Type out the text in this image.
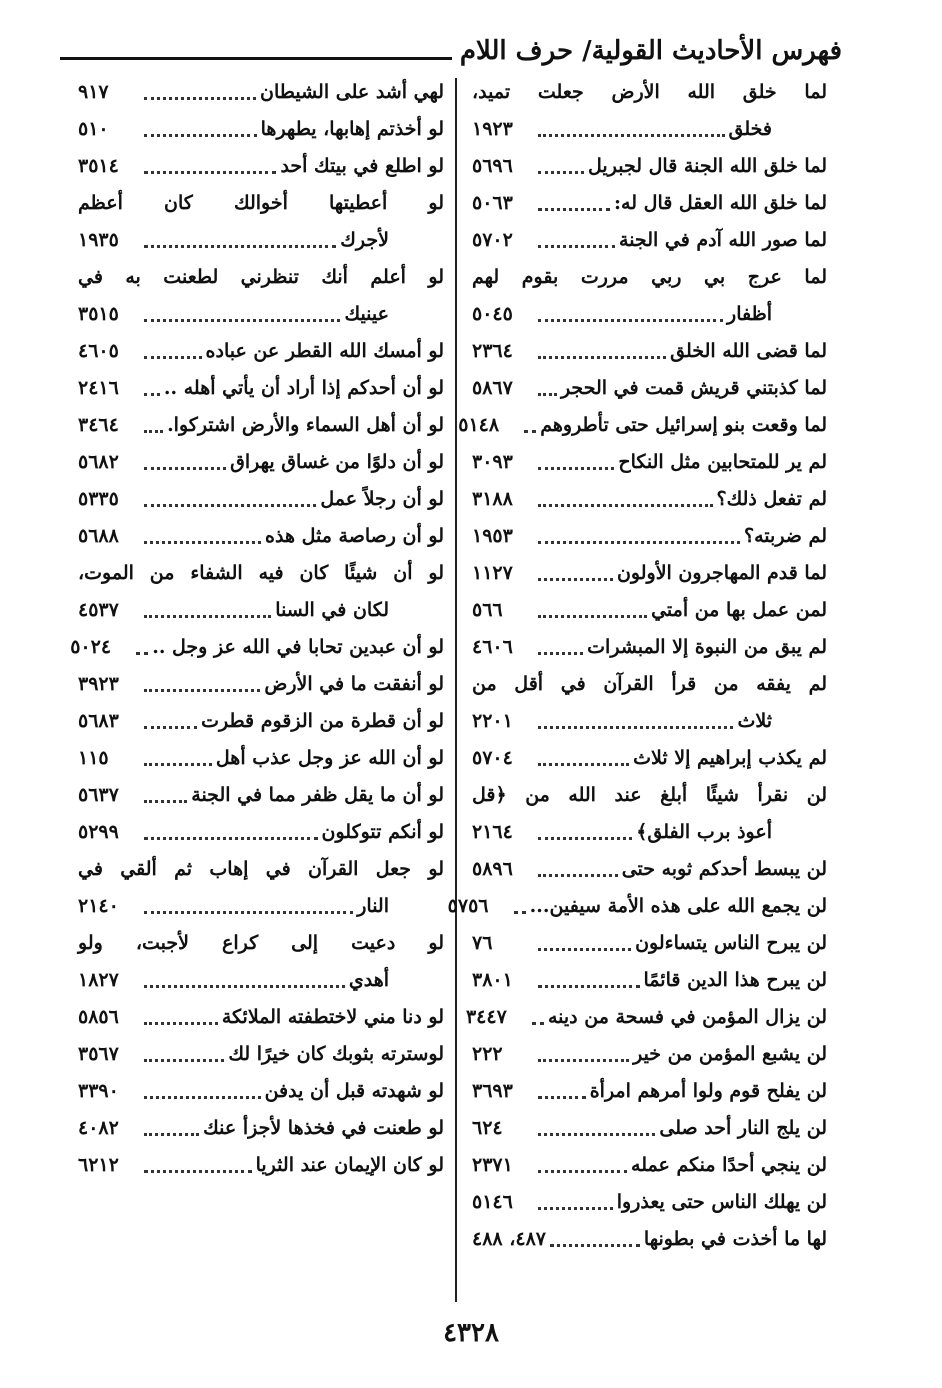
فهرس الأحاديث القولية/ حرف اللام
لما خلق الله الأرض جعلت تميد،
فخلق
١٩٢٣
لما خلق الله الجنة قال لجبريل
٥٦٩٦
لما خلق الله العقل قال له:
٥٠٦٣
لما صور الله آدم في الجنة
٥٧٠٢
لما عرج بي ربي مررت بقوم لهم
أظفار
٥٠٤٥
لما قضى الله الخلق
٢٣٦٤
لما كذبتني قريش قمت في الحجر
٥٨٦٧
لما وقعت بنو إسرائيل حتى تأطروهم
٥١٤٨
لم ير للمتحابين مثل النكاح
٣٠٩٣
لم تفعل ذلك؟
٣١٨٨
لم ضربته؟
١٩٥٣
لما قدم المهاجرون الأولون
١١٢٧
لمن عمل بها من أمتي
٥٦٦
لم يبق من النبوة إلا المبشرات
٤٦٠٦
لم يفقه من قرأ القرآن في أقل من
ثلاث
٢٢٠١
لم يكذب إبراهيم إلا ثلاث
٥٧٠٤
لن نقرأ شيئًا أبلغ عند الله من ﴿قل
أعوذ برب الفلق﴾
٢١٦٤
لن يبسط أحدكم ثوبه حتى
٥٨٩٦
لن يجمع الله على هذه الأمة سيفين...
٥٧٥٦
لن يبرح الناس يتساءلون
٧٦
لن يبرح هذا الدين قائمًا
٣٨٠١
لن يزال المؤمن في فسحة من دينه
٣٤٤٧
لن يشبع المؤمن من خير
٢٢٢
لن يفلح قوم ولوا أمرهم امرأة
٣٦٩٣
لن يلج النار أحد صلى
٦٢٤
لن ينجي أحدًا منكم عمله
٢٣٧١
لن يهلك الناس حتى يعذروا
٥١٤٦
لها ما أخذت في بطونها
٤٨٧، ٤٨٨
لهي أشد على الشيطان
٩١٧
لو أخذتم إهابها، يطهرها
٥١٠
لو اطلع في بيتك أحد
٣٥١٤
لو أعطيتها أخوالك كان أعظم
لأجرك
١٩٣٥
لو أعلم أنك تنظرني لطعنت به في
عينيك
٣٥١٥
لو أمسك الله القطر عن عباده
٤٦٠٥
لو أن أحدكم إذا أراد أن يأتي أهله ..
٢٤١٦
لو أن أهل السماء والأرض اشتركوا.
٣٤٦٤
لو أن دلوًا من غساق يهراق
٥٦٨٢
لو أن رجلاً عمل
٥٣٣٥
لو أن رصاصة مثل هذه
٥٦٨٨
لو أن شيئًا كان فيه الشفاء من الموت،
لكان في السنا
٤٥٣٧
لو أن عبدين تحابا في الله عز وجل ..
٥٠٢٤
لو أنفقت ما في الأرض
٣٩٢٣
لو أن قطرة من الزقوم قطرت
٥٦٨٣
لو أن الله عز وجل عذب أهل
١١٥
لو أن ما يقل ظفر مما في الجنة
٥٦٣٧
لو أنكم تتوكلون
٥٢٩٩
لو جعل القرآن في إهاب ثم ألقي في
النار
٢١٤٠
لو دعيت إلى كراع لأجبت، ولو
أهدي
١٨٢٧
لو دنا مني لاختطفته الملائكة
٥٨٥٦
لوسترته بثوبك كان خيرًا لك
٣٥٦٧
لو شهدته قبل أن يدفن
٣٣٩٠
لو طعنت في فخذها لأجزأ عنك
٤٠٨٢
لو كان الإيمان عند الثريا
٦٢١٢
٤٣٢٨
